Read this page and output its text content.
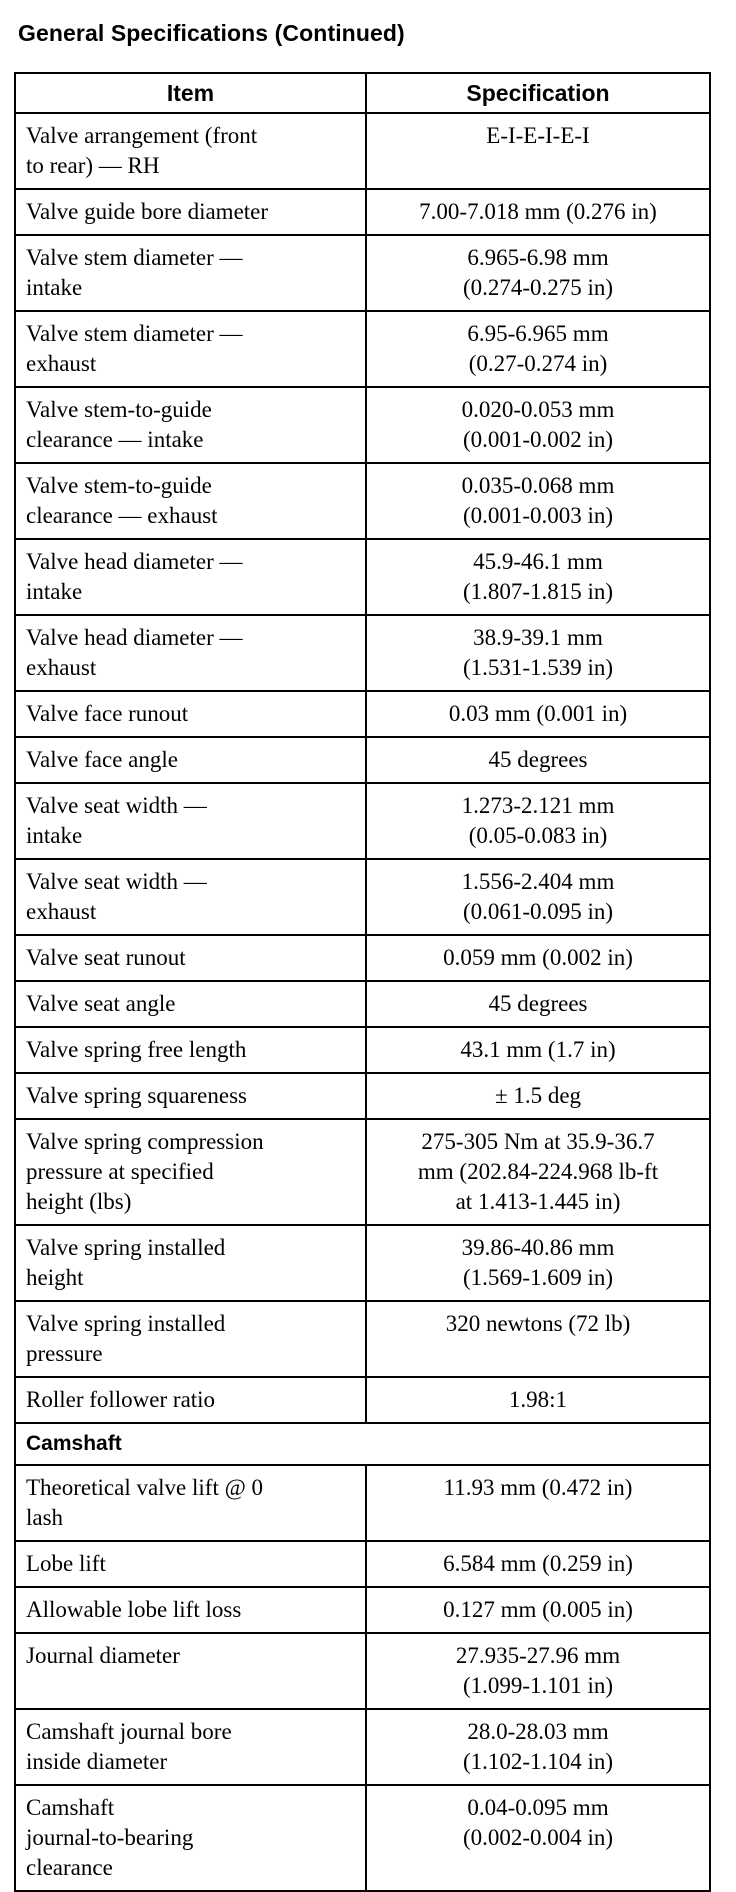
General Specifications (Continued)
Item	Specification

Valve arrangement (front
to rear) — RH	E-I-E-I-E-I

Valve guide bore diameter	7.00-7.018 mm (0.276 in)

Valve stem diameter —
intake	6.965-6.98 mm
(0.274-0.275 in)

Valve stem diameter —
exhaust	6.95-6.965 mm
(0.27-0.274 in)

Valve stem-to-guide
clearance — intake	0.020-0.053 mm
(0.001-0.002 in)

Valve stem-to-guide
clearance — exhaust	0.035-0.068 mm
(0.001-0.003 in)

Valve head diameter —
intake	45.9-46.1 mm
(1.807-1.815 in)

Valve head diameter —
exhaust	38.9-39.1 mm
(1.531-1.539 in)

Valve face runout	0.03 mm (0.001 in)

Valve face angle	45 degrees

Valve seat width —
intake	1.273-2.121 mm
(0.05-0.083 in)

Valve seat width —
exhaust	1.556-2.404 mm
(0.061-0.095 in)

Valve seat runout	0.059 mm (0.002 in)

Valve seat angle	45 degrees

Valve spring free length	43.1 mm (1.7 in)

Valve spring squareness	± 1.5 deg

Valve spring compression
pressure at specified
height (lbs)	275-305 Nm at 35.9-36.7
mm (202.84-224.968 lb-ft
at 1.413-1.445 in)

Valve spring installed
height	39.86-40.86 mm
(1.569-1.609 in)

Valve spring installed
pressure	320 newtons (72 lb)

Roller follower ratio	1.98:1

Camshaft	

Theoretical valve lift @ 0
lash	11.93 mm (0.472 in)

Lobe lift	6.584 mm (0.259 in)

Allowable lobe lift loss	0.127 mm (0.005 in)

Journal diameter	27.935-27.96 mm
(1.099-1.101 in)

Camshaft journal bore
inside diameter	28.0-28.03 mm
(1.102-1.104 in)

Camshaft
journal-to-bearing
clearance	0.04-0.095 mm
(0.002-0.004 in)
